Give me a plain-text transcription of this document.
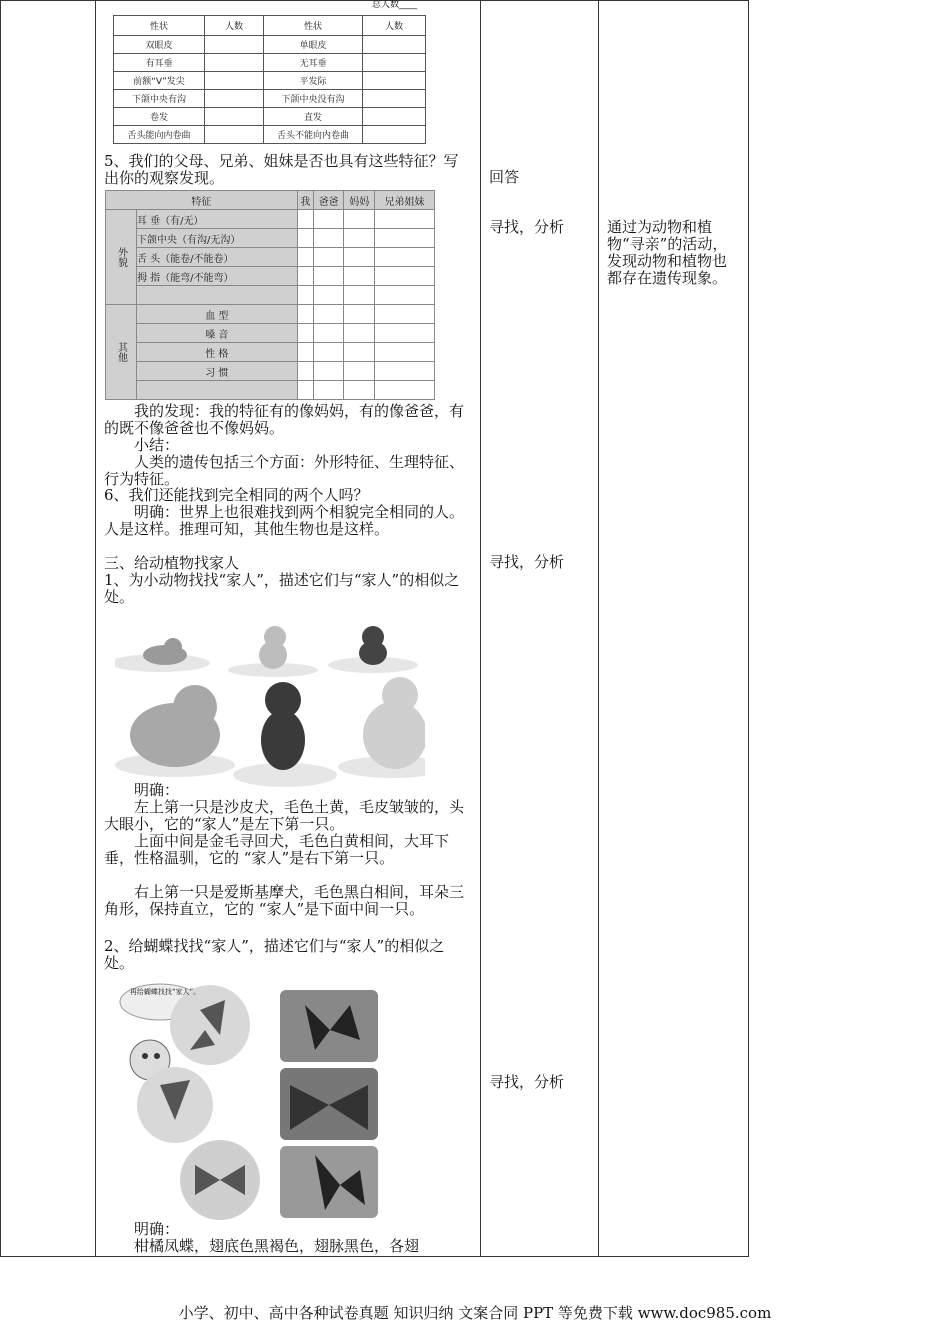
总人数____
性状	人数	性状	人数
双眼皮		单眼皮	
有耳垂		无耳垂	
前额“V”发尖		平发际	
下颌中央有沟		下颌中央没有沟	
卷发		直发	
舌头能向内卷曲		舌头不能向内卷曲	
5、我们的父母、兄弟、姐妹是否也具有这些特征？写出你的观察发现。
特征		我	爸爸	妈妈	兄弟姐妹
外貌	耳 垂（有/无）				
	下颌中央（有沟/无沟）				
	舌 头（能卷/不能卷）				
	拇 指（能弯/不能弯）				

其他	血 型				
	嗓 音				
	性 格				
	习 惯				

我的发现：我的特征有的像妈妈，有的像爸爸，有的既不像爸爸也不像妈妈。
小结：
人类的遗传包括三个方面：外形特征、生理特征、行为特征。
6、我们还能找到完全相同的两个人吗？
明确：世界上也很难找到两个相貌完全相同的人。人是这样。推理可知，其他生物也是这样。
三、给动植物找家人
1、为小动物找找“家人”，描述它们与“家人”的相似之处。
明确：
左上第一只是沙皮犬，毛色土黄，毛皮皱皱的，头大眼小，它的“家人”是左下第一只。
上面中间是金毛寻回犬，毛色白黄相间，大耳下垂，性格温驯，它的 “家人”是右下第一只。
右上第一只是爱斯基摩犬，毛色黑白相间，耳朵三角形，保持直立，它的 “家人”是下面中间一只。
2、给蝴蝶找找“家人”，描述它们与“家人”的相似之处。
再给蝴蝶找找“家人”。
明确：
柑橘凤蝶，翅底色黑褐色，翅脉黑色，各翅
回答
寻找，分析
寻找，分析
寻找，分析
通过为动物和植物“寻亲”的活动，发现动物和植物也都存在遗传现象。
小学、初中、高中各种试卷真题 知识归纳 文案合同 PPT 等免费下载 www.doc985.com
